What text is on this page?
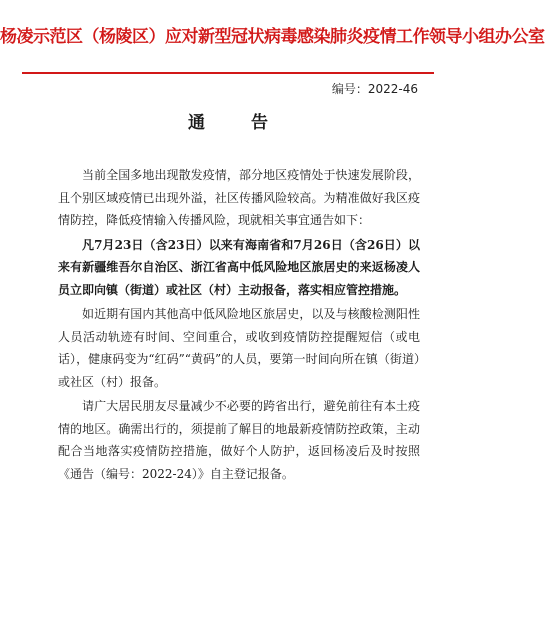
杨凌示范区（杨陵区）应对新型冠状病毒感染肺炎疫情工作领导小组办公室
编号：2022-46
通 告

当前全国多地出现散发疫情，部分地区疫情处于快速发展阶段，且个别区域疫情已出现外溢，社区传播风险较高。为精准做好我区疫情防控，降低疫情输入传播风险，现就相关事宜通告如下：

凡7月23日（含23日）以来有海南省和7月26日（含26日）以来有新疆维吾尔自治区、浙江省高中低风险地区旅居史的来返杨凌人员立即向镇（街道）或社区（村）主动报备，落实相应管控措施。

如近期有国内其他高中低风险地区旅居史，以及与核酸检测阳性人员活动轨迹有时间、空间重合，或收到疫情防控提醒短信（或电话），健康码变为“红码”“黄码”的人员，要第一时间向所在镇（街道）或社区（村）报备。

请广大居民朋友尽量减少不必要的跨省出行，避免前往有本土疫情的地区。确需出行的，须提前了解目的地最新疫情防控政策，主动配合当地落实疫情防控措施，做好个人防护，返回杨凌后及时按照《通告（编号：2022-24）》自主登记报备。
